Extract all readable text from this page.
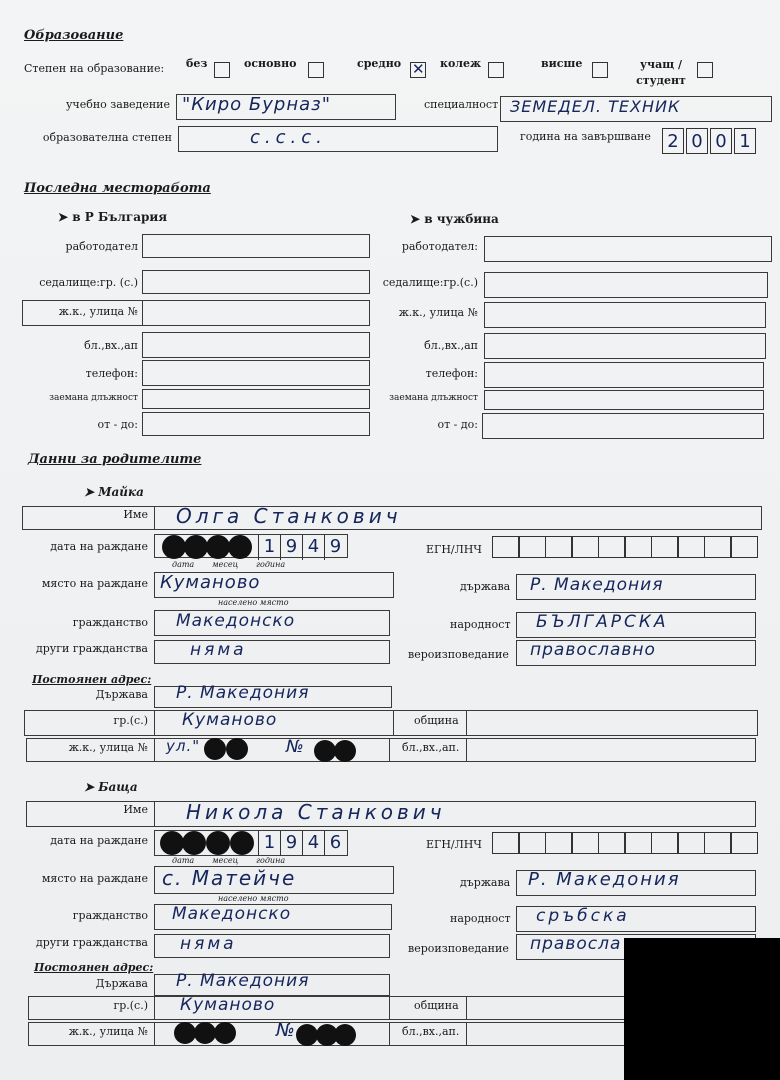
Образование
Степен на образование: без	основно	средно
✕	колеж	висше	учащ / студент
учебно заведение "Киро Бурназ"	специалност ЗЕМЕДЕЛ. ТЕХНИК
образователна степен	с.с.с.	година на завършване 2 0 0 1
Последна месторабота
➤ в Р България	➤ в чужбина
работодател
седалище:гр. (с.)
ж.к., улица №
бл.,вх.,ап
телефон:
заемана длъжност
от - до:
работодател:
седалище:гр.(с.)
ж.к., улица №
бл.,вх.,ап
телефон:
заемана длъжност
от - до:
Данни за родителите
➤ Майка
Име Олга Станкович
дата на раждане	1 9 4 9
дата месец година
ЕГН/ЛНЧ
място на раждане Куманово
населено място
държава Р. Македония
гражданство Македонско	народност БЪЛГАРСКА
други гражданства няма	вероизповедание православно
Постоянен адрес:
Държава Р. Македония
гр.(с.) Куманово	община
ж.к., улица № ул."	№	бл.,вх.,ап.
➤ Баща
Име Никола Станкович
дата на раждане	1 9 4 6
дата месец година
ЕГН/ЛНЧ
място на раждане с. Матейче
населено място
държава Р. Македония
гражданство Македонско	народност сръбска
други гражданства няма	вероизповедание правосла
Постоянен адрес:
Държава Р. Македония
гр.(с.) Куманово	община
ж.к., улица №	№	бл.,вх.,ап.
